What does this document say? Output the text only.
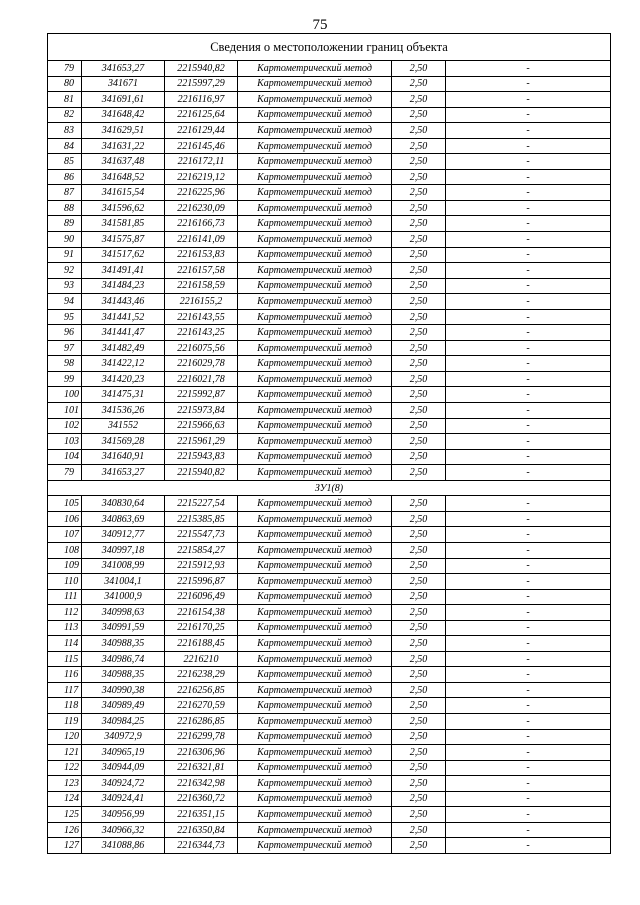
75
Сведения о местоположении границ объекта					
79	341653,27	2215940,82	Картометрический метод	2,50	-
80	341671	2215997,29	Картометрический метод	2,50	-
81	341691,61	2216116,97	Картометрический метод	2,50	-
82	341648,42	2216125,64	Картометрический метод	2,50	-
83	341629,51	2216129,44	Картометрический метод	2,50	-
84	341631,22	2216145,46	Картометрический метод	2,50	-
85	341637,48	2216172,11	Картометрический метод	2,50	-
86	341648,52	2216219,12	Картометрический метод	2,50	-
87	341615,54	2216225,96	Картометрический метод	2,50	-
88	341596,62	2216230,09	Картометрический метод	2,50	-
89	341581,85	2216166,73	Картометрический метод	2,50	-
90	341575,87	2216141,09	Картометрический метод	2,50	-
91	341517,62	2216153,83	Картометрический метод	2,50	-
92	341491,41	2216157,58	Картометрический метод	2,50	-
93	341484,23	2216158,59	Картометрический метод	2,50	-
94	341443,46	2216155,2	Картометрический метод	2,50	-
95	341441,52	2216143,55	Картометрический метод	2,50	-
96	341441,47	2216143,25	Картометрический метод	2,50	-
97	341482,49	2216075,56	Картометрический метод	2,50	-
98	341422,12	2216029,78	Картометрический метод	2,50	-
99	341420,23	2216021,78	Картометрический метод	2,50	-
100	341475,31	2215992,87	Картометрический метод	2,50	-
101	341536,26	2215973,84	Картометрический метод	2,50	-
102	341552	2215966,63	Картометрический метод	2,50	-
103	341569,28	2215961,29	Картометрический метод	2,50	-
104	341640,91	2215943,83	Картометрический метод	2,50	-
79	341653,27	2215940,82	Картометрический метод	2,50	-
ЗУ1(8)					
105	340830,64	2215227,54	Картометрический метод	2,50	-
106	340863,69	2215385,85	Картометрический метод	2,50	-
107	340912,77	2215547,73	Картометрический метод	2,50	-
108	340997,18	2215854,27	Картометрический метод	2,50	-
109	341008,99	2215912,93	Картометрический метод	2,50	-
110	341004,1	2215996,87	Картометрический метод	2,50	-
111	341000,9	2216096,49	Картометрический метод	2,50	-
112	340998,63	2216154,38	Картометрический метод	2,50	-
113	340991,59	2216170,25	Картометрический метод	2,50	-
114	340988,35	2216188,45	Картометрический метод	2,50	-
115	340986,74	2216210	Картометрический метод	2,50	-
116	340988,35	2216238,29	Картометрический метод	2,50	-
117	340990,38	2216256,85	Картометрический метод	2,50	-
118	340989,49	2216270,59	Картометрический метод	2,50	-
119	340984,25	2216286,85	Картометрический метод	2,50	-
120	340972,9	2216299,78	Картометрический метод	2,50	-
121	340965,19	2216306,96	Картометрический метод	2,50	-
122	340944,09	2216321,81	Картометрический метод	2,50	-
123	340924,72	2216342,98	Картометрический метод	2,50	-
124	340924,41	2216360,72	Картометрический метод	2,50	-
125	340956,99	2216351,15	Картометрический метод	2,50	-
126	340966,32	2216350,84	Картометрический метод	2,50	-
127	341088,86	2216344,73	Картометрический метод	2,50	-
